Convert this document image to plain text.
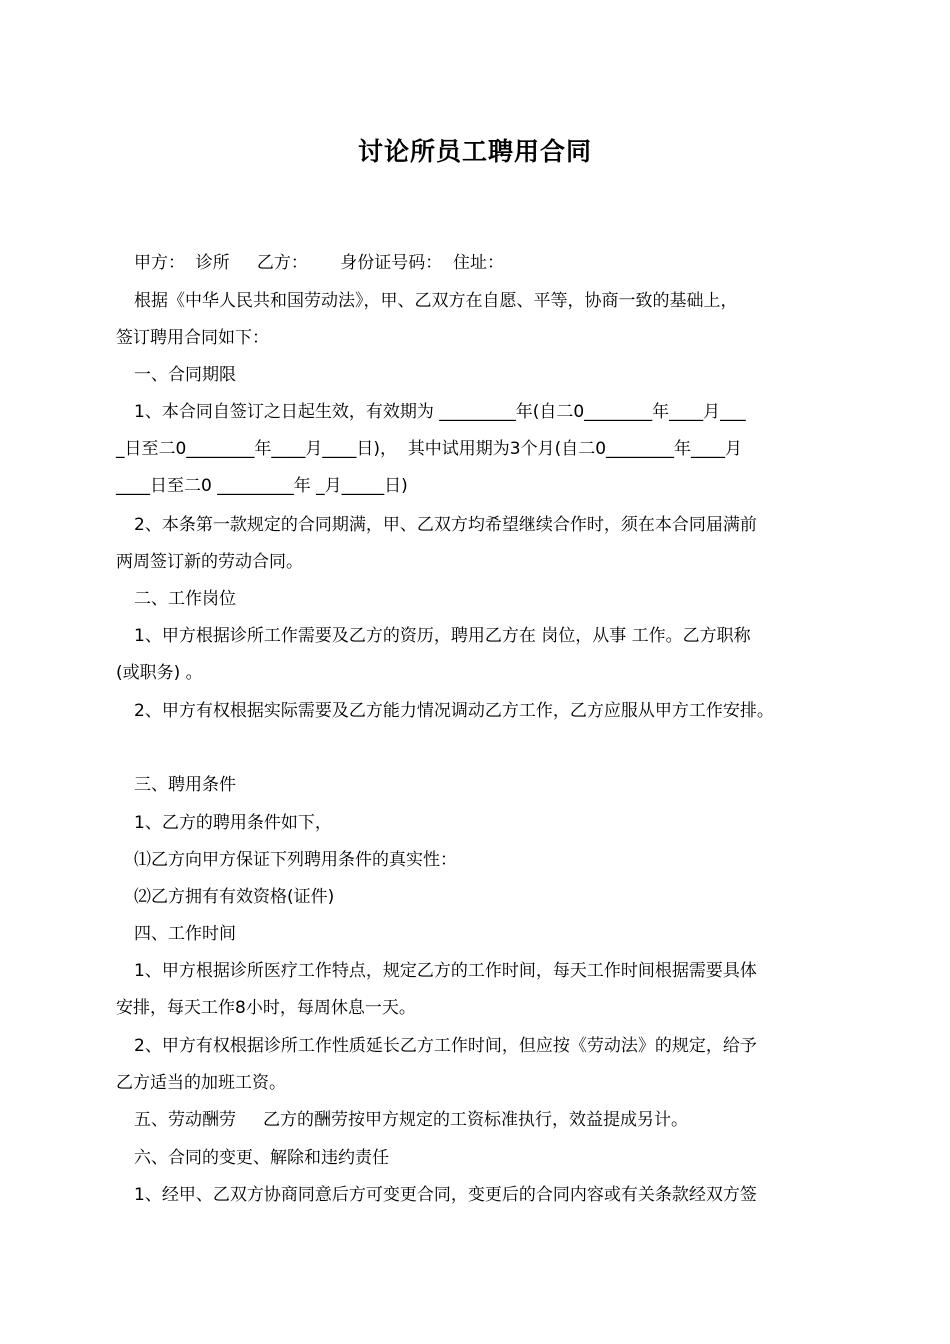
讨论所员工聘用合同
甲方：  诊所     乙方：      身份证号码：  住址：
根据《中华人民共和国劳动法》，甲、乙双方在自愿、平等，协商一致的基础上，
签订聘用合同如下：
一、合同期限
1、本合同自签订之日起生效，有效期为 _________年(自二0________年____月___
_日至二0________年____月____日)，  其中试用期为3个月(自二0________年____月
____日至二0 _________年 _月_____日)
2、本条第一款规定的合同期满，甲、乙双方均希望继续合作时，须在本合同届满前
两周签订新的劳动合同。
二、工作岗位
1、甲方根据诊所工作需要及乙方的资历，聘用乙方在 岗位，从事 工作。乙方职称
(或职务) 。
2、甲方有权根据实际需要及乙方能力情况调动乙方工作，乙方应服从甲方工作安排。
三、聘用条件
1、乙方的聘用条件如下，
⑴乙方向甲方保证下列聘用条件的真实性：
⑵乙方拥有有效资格(证件)
四、工作时间
1、甲方根据诊所医疗工作特点，规定乙方的工作时间，每天工作时间根据需要具体
安排，每天工作8小时，每周休息一天。
2、甲方有权根据诊所工作性质延长乙方工作时间，但应按《劳动法》的规定，给予
乙方适当的加班工资。
五、劳动酬劳     乙方的酬劳按甲方规定的工资标准执行，效益提成另计。
六、合同的变更、解除和违约责任
1、经甲、乙双方协商同意后方可变更合同，变更后的合同内容或有关条款经双方签
